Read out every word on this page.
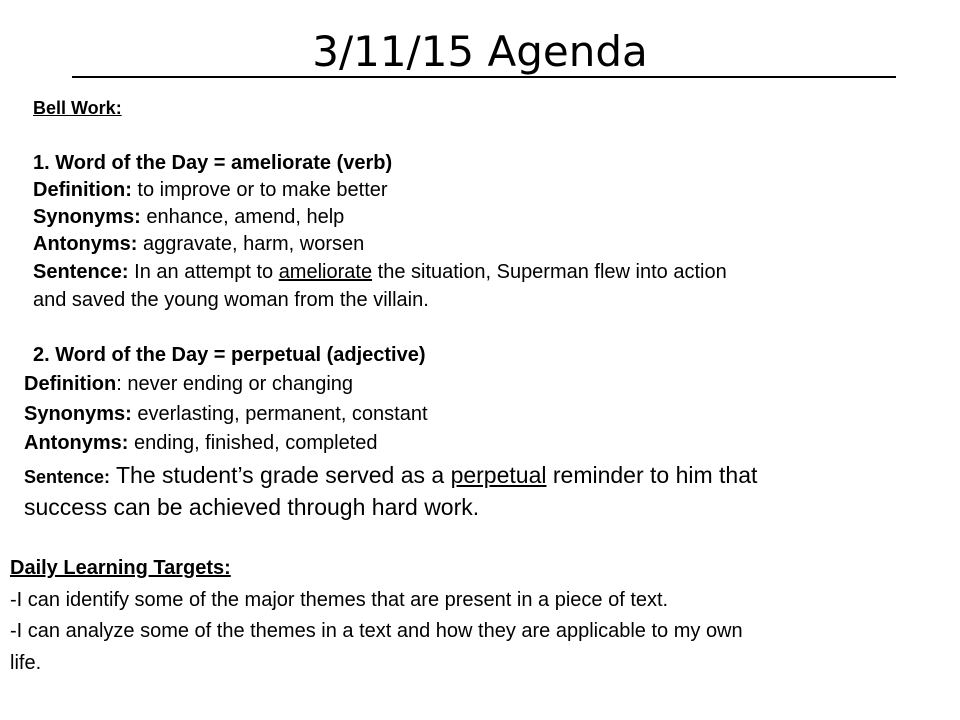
3/11/15 Agenda
Bell Work:
1. Word of the Day = ameliorate (verb)
Definition: to improve or to make better
Synonyms: enhance, amend, help
Antonyms: aggravate, harm, worsen
Sentence: In an attempt to ameliorate the situation, Superman flew into action
and saved the young woman from the villain.
2. Word of the Day = perpetual (adjective)
Definition: never ending or changing
Synonyms: everlasting, permanent, constant
Antonyms: ending, finished, completed
Sentence: The student’s grade served as a perpetual reminder to him that
success can be achieved through hard work.
Daily Learning Targets:
-I can identify some of the major themes that are present in a piece of text.
-I can analyze some of the themes in a text and how they are applicable to my own
life.
